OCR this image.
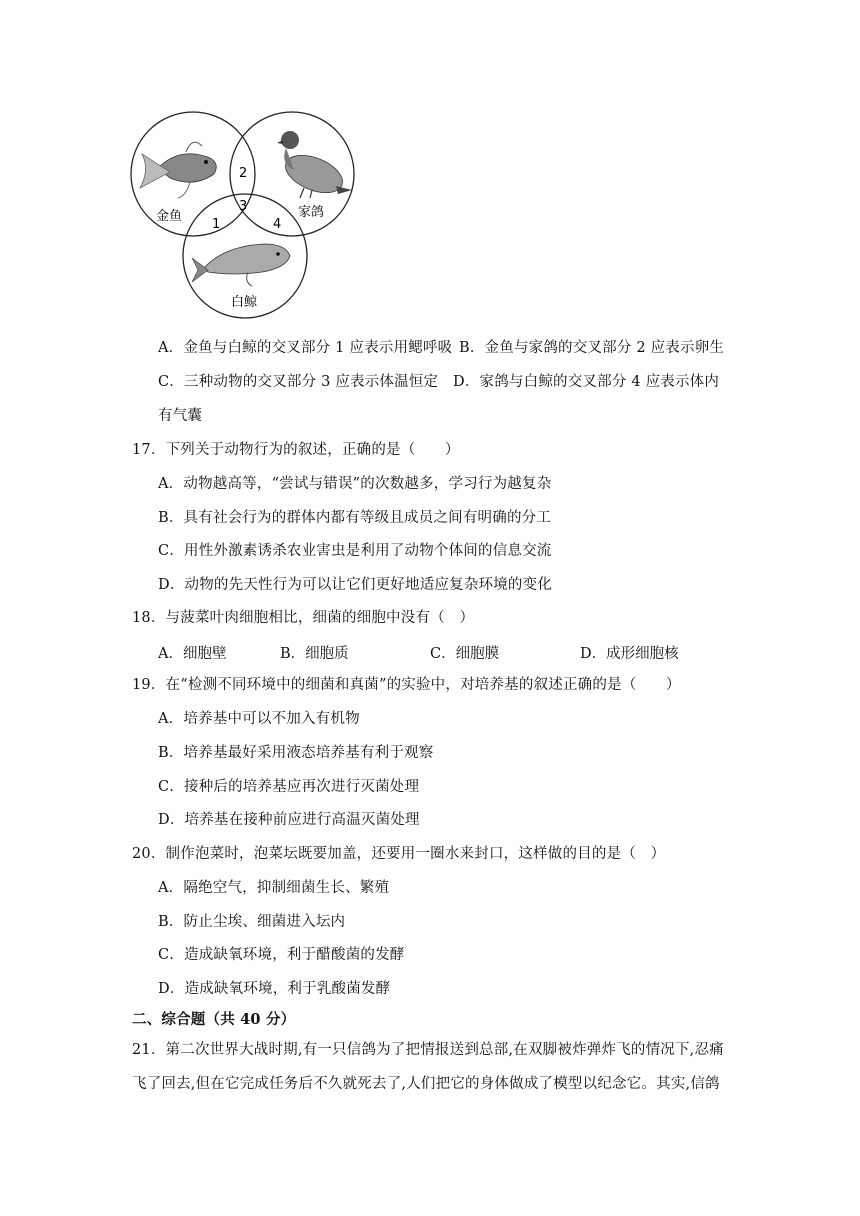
金鱼	家鸽
白鲸
1
2
3
4
A．金鱼与白鲸的交叉部分 1 应表示用鳃呼吸 B．金鱼与家鸽的交叉部分 2 应表示卵生
C．三种动物的交叉部分 3 应表示体温恒定 D．家鸽与白鲸的交叉部分 4 应表示体内
有气囊
17．下列关于动物行为的叙述，正确的是（　　）
A．动物越高等，“尝试与错误”的次数越多，学习行为越复杂
B．具有社会行为的群体内都有等级且成员之间有明确的分工
C．用性外激素诱杀农业害虫是利用了动物个体间的信息交流
D．动物的先天性行为可以让它们更好地适应复杂环境的变化
18．与菠菜叶肉细胞相比，细菌的细胞中没有（　）
A．细胞壁	B．细胞质	C．细胞膜	D．成形细胞核
19．在“检测不同环境中的细菌和真菌”的实验中，对培养基的叙述正确的是（　　）
A．培养基中可以不加入有机物
B．培养基最好采用液态培养基有利于观察
C．接种后的培养基应再次进行灭菌处理
D．培养基在接种前应进行高温灭菌处理
20．制作泡菜时，泡菜坛既要加盖，还要用一圈水来封口，这样做的目的是（　）
A．隔绝空气，抑制细菌生长、繁殖
B．防止尘埃、细菌进入坛内
C．造成缺氧环境，利于醋酸菌的发酵
D．造成缺氧环境，利于乳酸菌发酵
二、综合题（共 40 分）
21．第二次世界大战时期,有一只信鸽为了把情报送到总部,在双脚被炸弹炸飞的情况下,忍痛
飞了回去,但在它完成任务后不久就死去了,人们把它的身体做成了模型以纪念它。其实,信鸽
